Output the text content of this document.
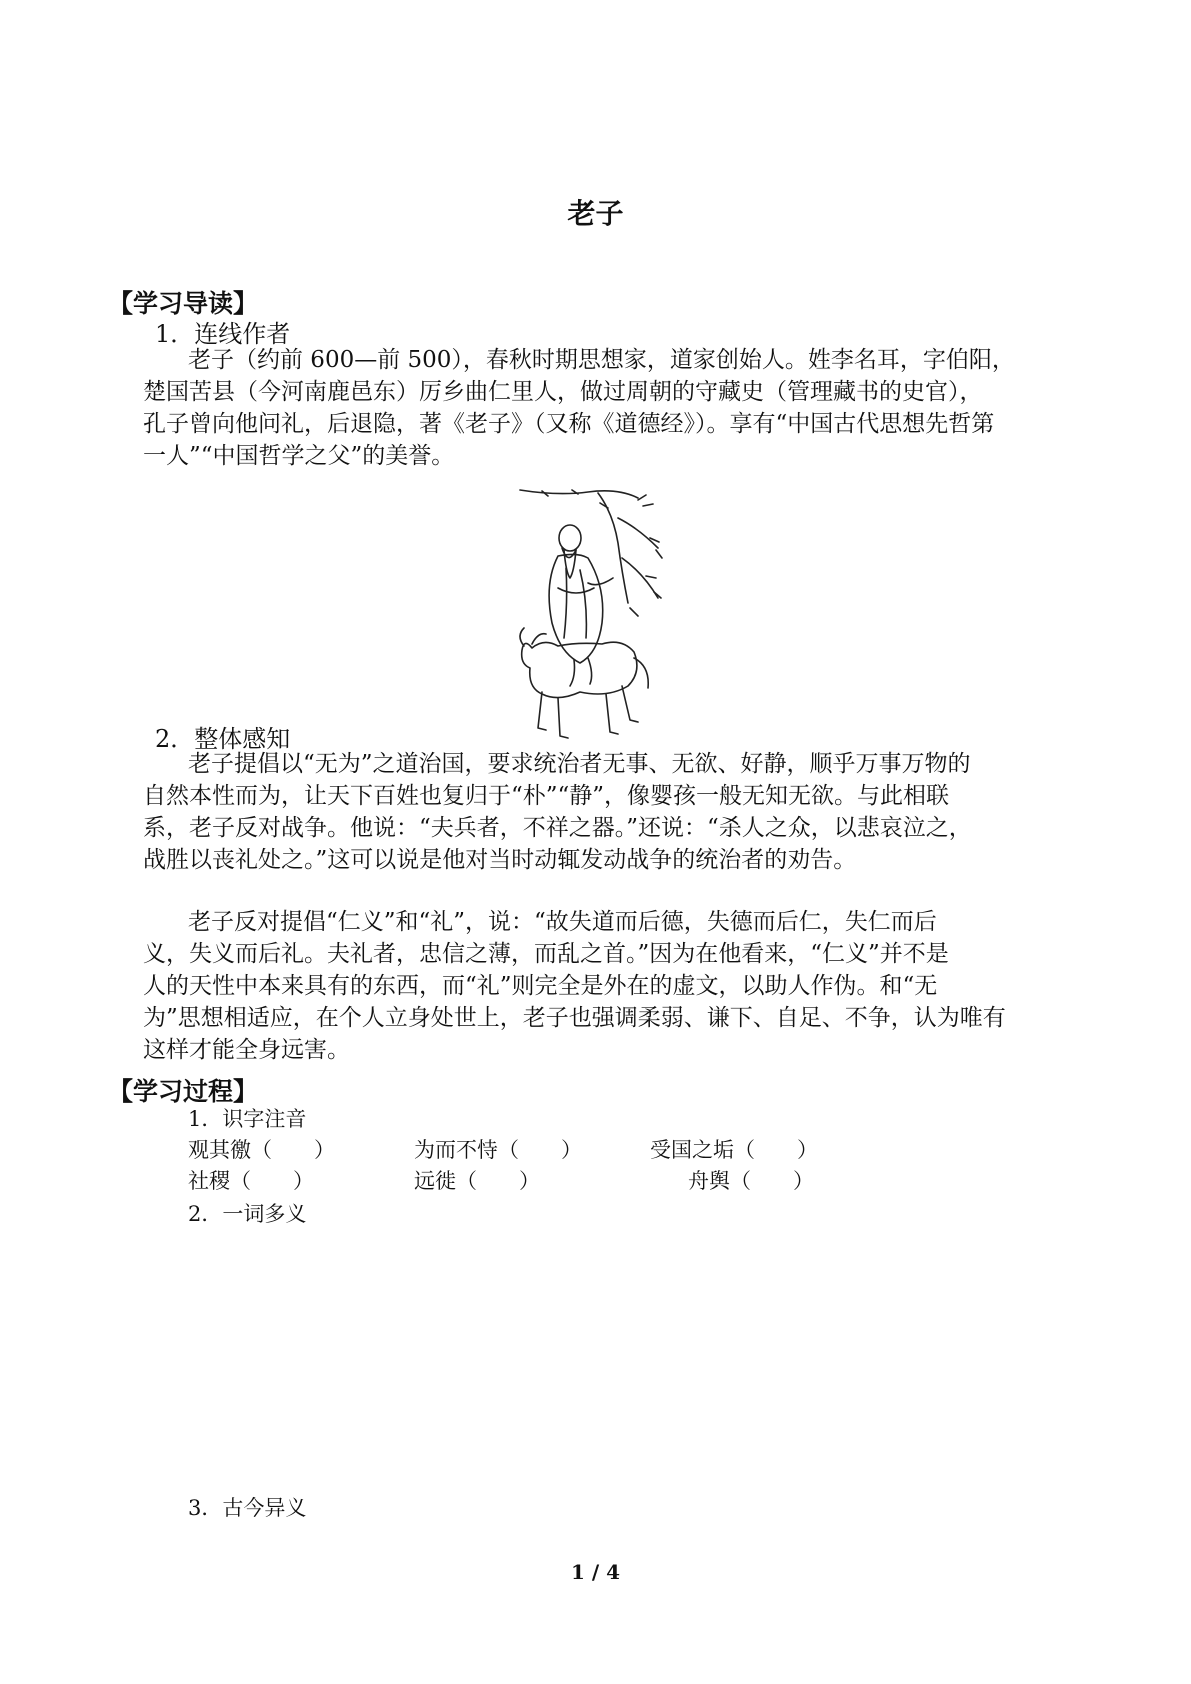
老子
【学习导读】
1．连线作者
老子（约前 600—前 500），春秋时期思想家，道家创始人。姓李名耳，字伯阳，
楚国苦县（今河南鹿邑东）厉乡曲仁里人，做过周朝的守藏史（管理藏书的史官），
孔子曾向他问礼，后退隐，著《老子》（又称《道德经》）。享有“中国古代思想先哲第
一人”“中国哲学之父”的美誉。
2．整体感知
老子提倡以“无为”之道治国，要求统治者无事、无欲、好静，顺乎万事万物的
自然本性而为，让天下百姓也复归于“朴”“静”，像婴孩一般无知无欲。与此相联
系，老子反对战争。他说：“夫兵者，不祥之器。”还说：“杀人之众，以悲哀泣之，
战胜以丧礼处之。”这可以说是他对当时动辄发动战争的统治者的劝告。
老子反对提倡“仁义”和“礼”，说：“故失道而后德，失德而后仁，失仁而后
义，失义而后礼。夫礼者，忠信之薄，而乱之首。”因为在他看来，“仁义”并不是
人的天性中本来具有的东西，而“礼”则完全是外在的虚文，以助人作伪。和“无
为”思想相适应，在个人立身处世上，老子也强调柔弱、谦下、自足、不争，认为唯有
这样才能全身远害。
【学习过程】
1．识字注音
观其徼（　　）	为而不恃（　　）	受国之垢（　　）
社稷（　　）	远徙（　　）	舟舆（　　）
2．一词多义
3．古今异义
1 / 4
